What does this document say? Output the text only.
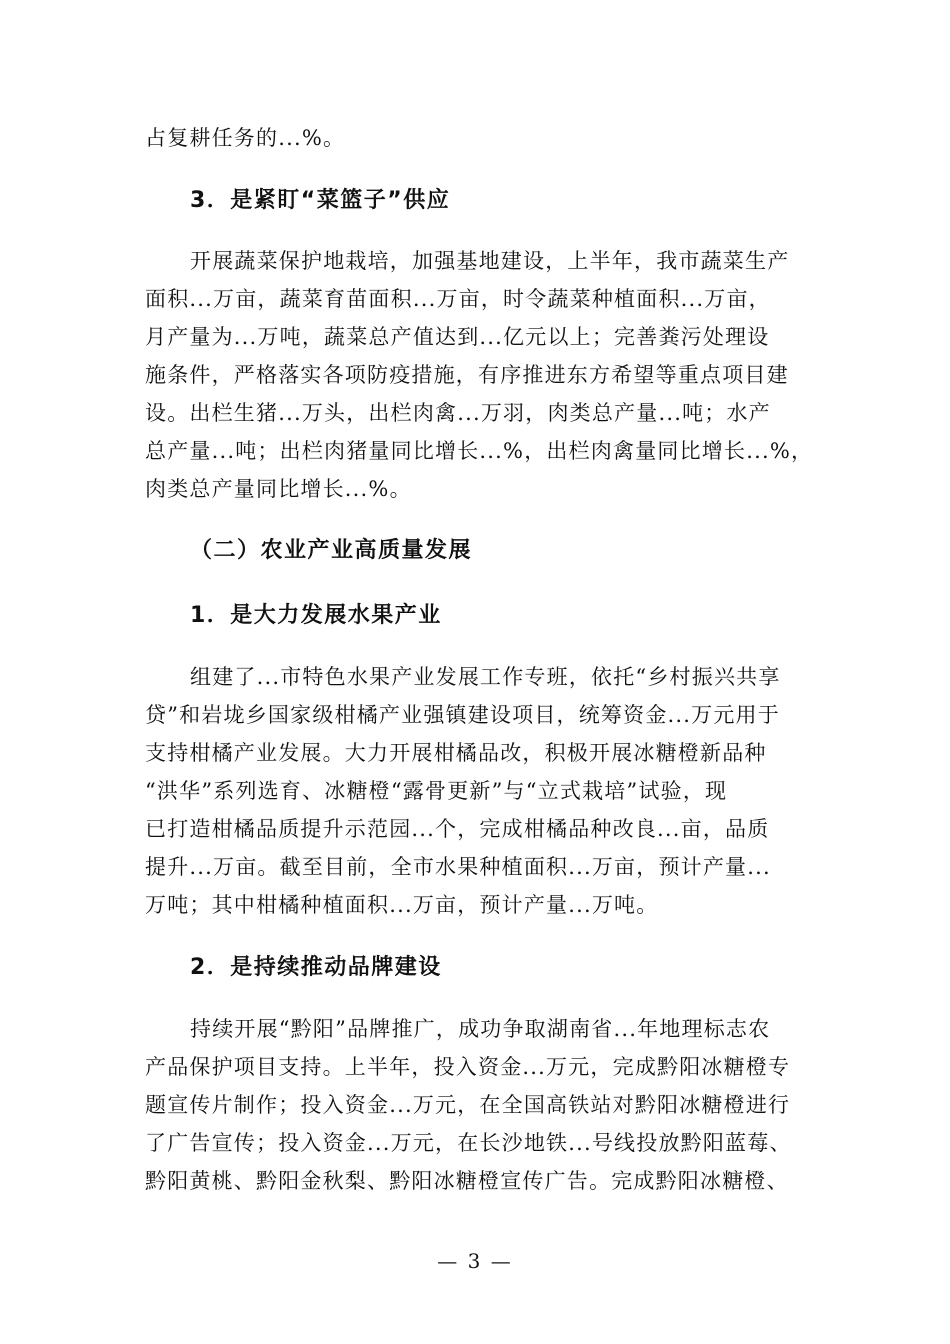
占复耕任务的...%。
3．是紧盯“菜篮子”供应
开展蔬菜保护地栽培，加强基地建设，上半年，我市蔬菜生产
面积...万亩，蔬菜育苗面积...万亩，时令蔬菜种植面积...万亩，
月产量为...万吨，蔬菜总产值达到...亿元以上；完善粪污处理设
施条件，严格落实各项防疫措施，有序推进东方希望等重点项目建
设。出栏生猪...万头，出栏肉禽...万羽，肉类总产量...吨；水产
总产量...吨；出栏肉猪量同比增长...%，出栏肉禽量同比增长...%，
肉类总产量同比增长...%。
（二）农业产业高质量发展
1．是大力发展水果产业
组建了...市特色水果产业发展工作专班，依托“乡村振兴共享
贷”和岩垅乡国家级柑橘产业强镇建设项目，统筹资金...万元用于
支持柑橘产业发展。大力开展柑橘品改，积极开展冰糖橙新品种
“洪华”系列选育、冰糖橙“露骨更新”与“立式栽培”试验，现
已打造柑橘品质提升示范园...个，完成柑橘品种改良...亩，品质
提升...万亩。截至目前，全市水果种植面积...万亩，预计产量...
万吨；其中柑橘种植面积...万亩，预计产量...万吨。
2．是持续推动品牌建设
持续开展“黔阳”品牌推广，成功争取湖南省...年地理标志农
产品保护项目支持。上半年，投入资金...万元，完成黔阳冰糖橙专
题宣传片制作；投入资金...万元，在全国高铁站对黔阳冰糖橙进行
了广告宣传；投入资金...万元，在长沙地铁...号线投放黔阳蓝莓、
黔阳黄桃、黔阳金秋梨、黔阳冰糖橙宣传广告。完成黔阳冰糖橙、
— 3 —
